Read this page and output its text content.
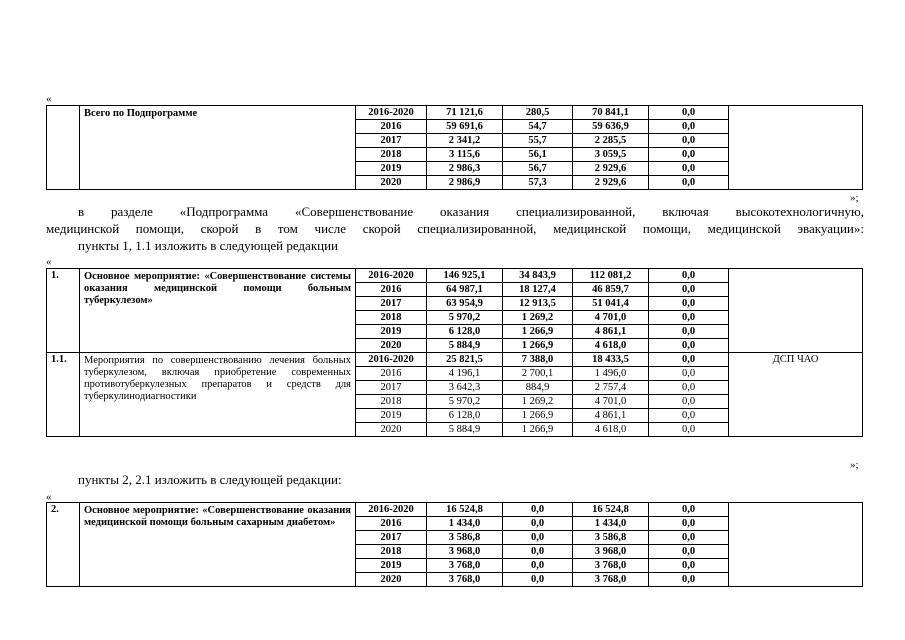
«
	Всего по Подпрограмме	2016-2020	71 121,6	280,5	70 841,1	0,0	
		2016	59 691,6	54,7	59 636,9	0,0	
		2017	2 341,2	55,7	2 285,5	0,0	
		2018	3 115,6	56,1	3 059,5	0,0	
		2019	2 986,3	56,7	2 929,6	0,0	
		2020	2 986,9	57,3	2 929,6	0,0	
»;
в разделе «Подпрограмма «Совершенствование оказания специализированной, включая высокотехнологичную,
медицинской помощи, скорой в том числе скорой специализированной, медицинской помощи, медицинской эвакуации»:
пункты 1, 1.1 изложить в следующей редакции
«
1.	Основное мероприятие: «Совершенствование системы оказания медицинской помощи больным туберкулезом»	2016-2020	146 925,1	34 843,9	112 081,2	0,0	
		2016	64 987,1	18 127,4	46 859,7	0,0	
		2017	63 954,9	12 913,5	51 041,4	0,0	
		2018	5 970,2	1 269,2	4 701,0	0,0	
		2019	6 128,0	1 266,9	4 861,1	0,0	
		2020	5 884,9	1 266,9	4 618,0	0,0	
1.1.	Мероприятия по совершенствованию лечения больных туберкулезом, включая приобретение современных противотуберкулезных препаратов и средств для туберкулинодиагностики	2016-2020	25 821,5	7 388,0	18 433,5	0,0	ДСП ЧАО
		2016	4 196,1	2 700,1	1 496,0	0,0	
		2017	3 642,3	884,9	2 757,4	0,0	
		2018	5 970,2	1 269,2	4 701,0	0,0	
		2019	6 128,0	1 266,9	4 861,1	0,0	
		2020	5 884,9	1 266,9	4 618,0	0,0	
»;
пункты 2, 2.1 изложить в следующей редакции:
«
2.	Основное мероприятие: «Совершенствование оказания медицинской помощи больным сахарным диабетом»	2016-2020	16 524,8	0,0	16 524,8	0,0	
		2016	1 434,0	0,0	1 434,0	0,0	
		2017	3 586,8	0,0	3 586,8	0,0	
		2018	3 968,0	0,0	3 968,0	0,0	
		2019	3 768,0	0,0	3 768,0	0,0	
		2020	3 768,0	0,0	3 768,0	0,0	
